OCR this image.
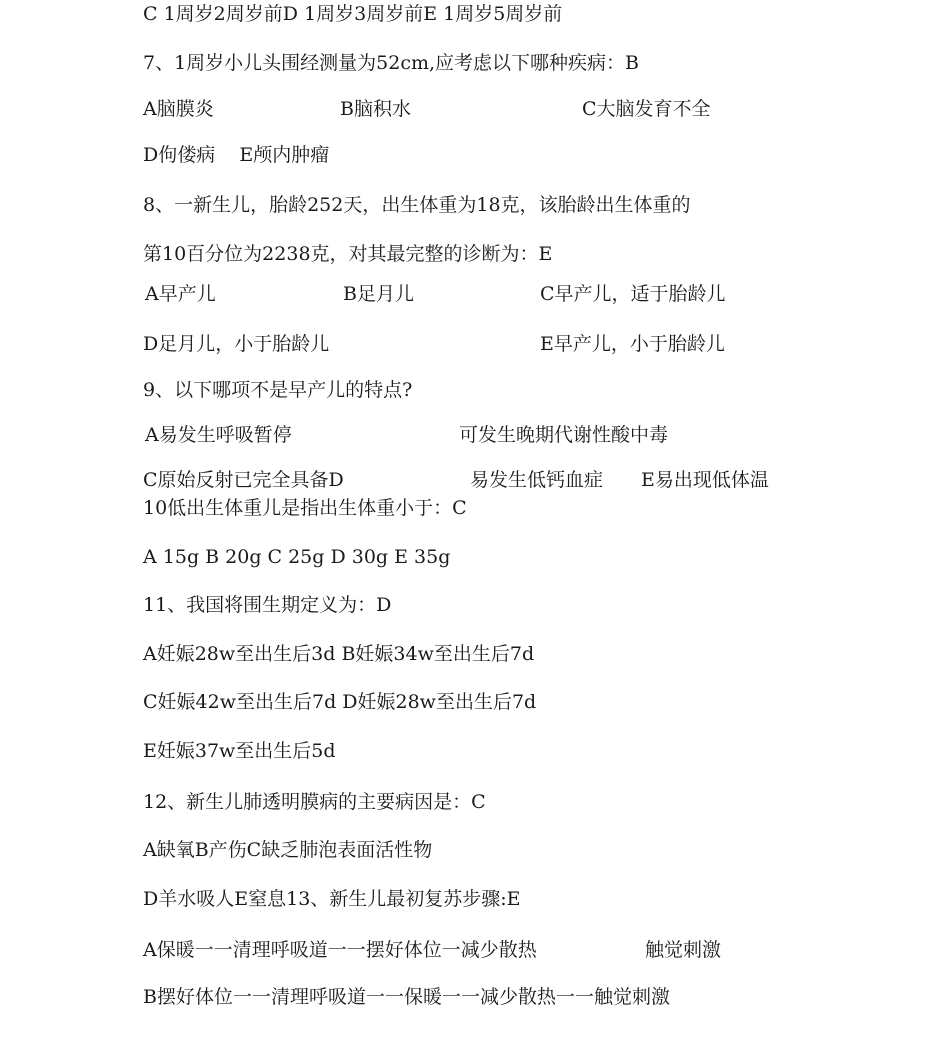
C 1周岁2周岁前D 1周岁3周岁前E 1周岁5周岁前
7、1周岁小儿头围经测量为52cm,应考虑以下哪种疾病：B
A脑膜炎	B脑积水	C大脑发育不全
D佝偻病    E颅内肿瘤
8、一新生儿，胎龄252天，出生体重为18克，该胎龄出生体重的
第10百分位为2238克，对其最完整的诊断为：E
A早产儿	B足月儿	C早产儿，适于胎龄儿
D足月儿，小于胎龄儿	E早产儿，小于胎龄儿
9、以下哪项不是早产儿的特点?
A易发生呼吸暂停	可发生晚期代谢性酸中毒
C原始反射已完全具备D	易发生低钙血症 E易出现低体温
10低出生体重儿是指出生体重小于：C
A 15g B 20g C 25g D 30g E 35g
11、我国将围生期定义为：D
A妊娠28w至出生后3d B妊娠34w至出生后7d
C妊娠42w至出生后7d D妊娠28w至出生后7d
E妊娠37w至出生后5d
12、新生儿肺透明膜病的主要病因是：C
A缺氧B产伤C缺乏肺泡表面活性物
D羊水吸人E窒息13、新生儿最初复苏步骤:E
A保暖一一清理呼吸道一一摆好体位一减少散热	触觉刺激
B摆好体位一一清理呼吸道一一保暖一一减少散热一一触觉刺激
